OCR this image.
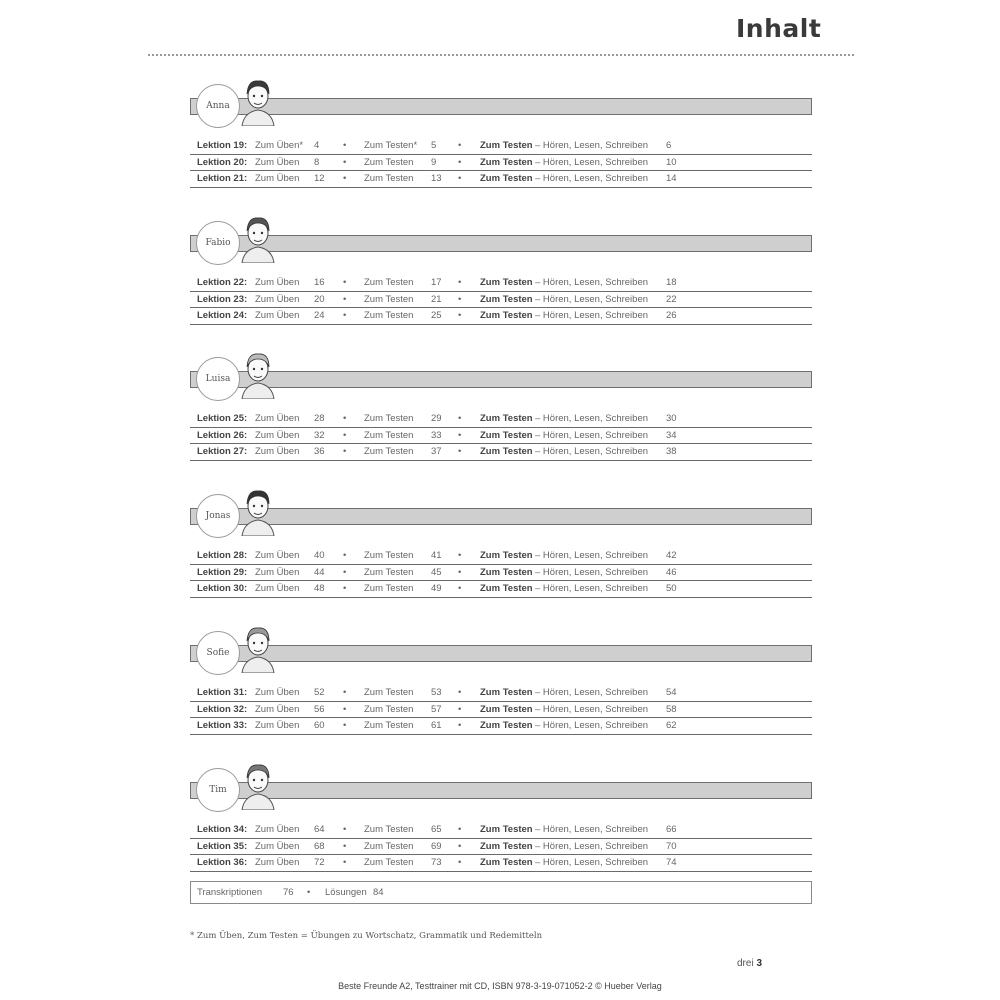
Inhalt
Anna
Lektion 19: Zum Üben* 4 • Zum Testen* 5 • Zum Testen – Hören, Lesen, Schreiben 6
Lektion 20: Zum Üben 8 • Zum Testen 9 • Zum Testen – Hören, Lesen, Schreiben 10
Lektion 21: Zum Üben 12 • Zum Testen 13 • Zum Testen – Hören, Lesen, Schreiben 14
Fabio
Lektion 22: Zum Üben 16 • Zum Testen 17 • Zum Testen – Hören, Lesen, Schreiben 18
Lektion 23: Zum Üben 20 • Zum Testen 21 • Zum Testen – Hören, Lesen, Schreiben 22
Lektion 24: Zum Üben 24 • Zum Testen 25 • Zum Testen – Hören, Lesen, Schreiben 26
Luisa
Lektion 25: Zum Üben 28 • Zum Testen 29 • Zum Testen – Hören, Lesen, Schreiben 30
Lektion 26: Zum Üben 32 • Zum Testen 33 • Zum Testen – Hören, Lesen, Schreiben 34
Lektion 27: Zum Üben 36 • Zum Testen 37 • Zum Testen – Hören, Lesen, Schreiben 38
Jonas
Lektion 28: Zum Üben 40 • Zum Testen 41 • Zum Testen – Hören, Lesen, Schreiben 42
Lektion 29: Zum Üben 44 • Zum Testen 45 • Zum Testen – Hören, Lesen, Schreiben 46
Lektion 30: Zum Üben 48 • Zum Testen 49 • Zum Testen – Hören, Lesen, Schreiben 50
Sofie
Lektion 31: Zum Üben 52 • Zum Testen 53 • Zum Testen – Hören, Lesen, Schreiben 54
Lektion 32: Zum Üben 56 • Zum Testen 57 • Zum Testen – Hören, Lesen, Schreiben 58
Lektion 33: Zum Üben 60 • Zum Testen 61 • Zum Testen – Hören, Lesen, Schreiben 62
Tim
Lektion 34: Zum Üben 64 • Zum Testen 65 • Zum Testen – Hören, Lesen, Schreiben 66
Lektion 35: Zum Üben 68 • Zum Testen 69 • Zum Testen – Hören, Lesen, Schreiben 70
Lektion 36: Zum Üben 72 • Zum Testen 73 • Zum Testen – Hören, Lesen, Schreiben 74
Transkriptionen 76 • Lösungen 84
* Zum Üben, Zum Testen = Übungen zu Wortschatz, Grammatik und Redemitteln
drei 3
Beste Freunde A2, Testtrainer mit CD, ISBN 978-3-19-071052-2 © Hueber Verlag
